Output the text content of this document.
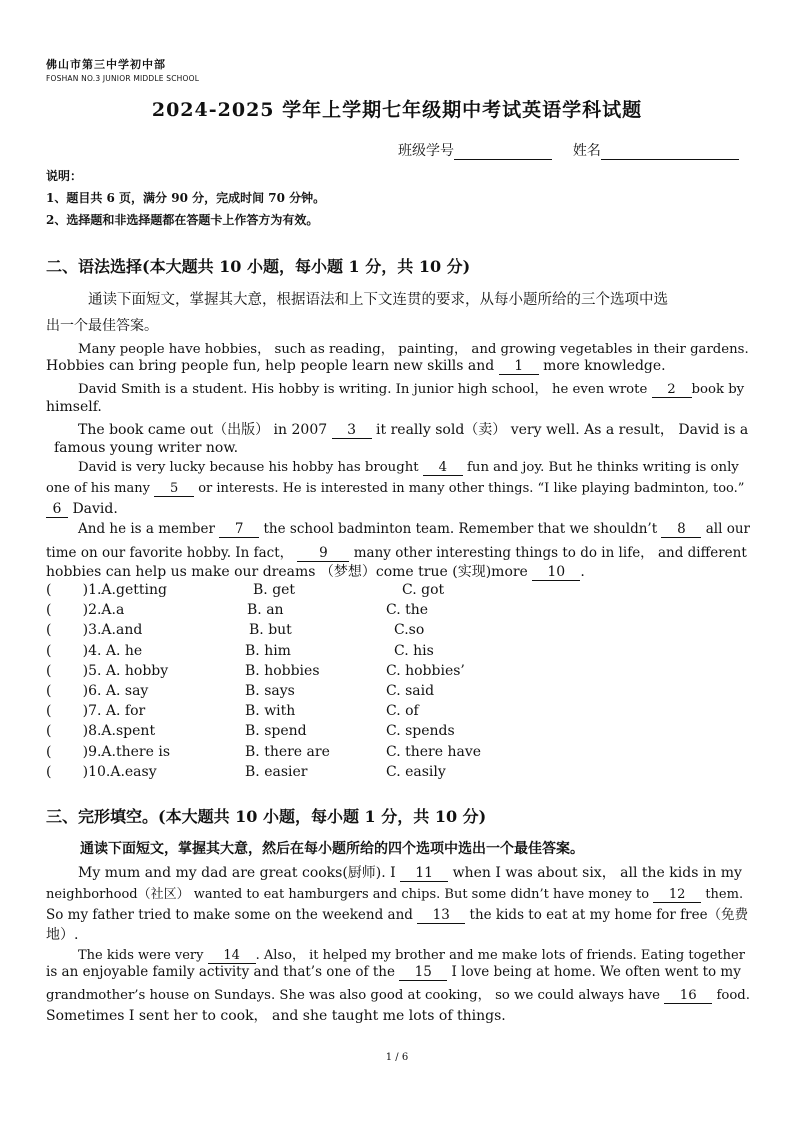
佛山市第三中学初中部
FOSHAN NO.3 JUNIOR MIDDLE SCHOOL
2024-2025 学年上学期七年级期中考试英语学科试题
班级学号	姓名
说明：
1、题目共 6 页，满分 90 分，完成时间 70 分钟。
2、选择题和非选择题都在答题卡上作答方为有效。
二、语法选择(本大题共 10 小题，每小题 1 分，共 10 分)
通读下面短文，掌握其大意，根据语法和上下文连贯的要求，从每小题所给的三个选项中选
出一个最佳答案。
Many people have hobbies， such as reading， painting， and growing vegetables in their gardens.
Hobbies can bring people fun, help people learn new skills and 1 more knowledge.
David Smith is a student. His hobby is writing. In junior high school， he even wrote 2 book by
himself.
The book came out（出版） in 2007 3 it really sold（卖） very well. As a result， David is a
famous young writer now.
David is very lucky because his hobby has brought 4 fun and joy. But he thinks writing is only
one of his many 5 or interests. He is interested in many other things. “I like playing badminton, too.”
6 David.
And he is a member 7 the school badminton team. Remember that we shouldn’t 8 all our
time on our favorite hobby. In fact， 9 many other interesting things to do in life， and different
hobbies can help us make our dreams （梦想）come true (实现)more 10 .
(       )1.A.getting	B. get	C. got
(       )2.A.a	B. an	C. the
(       )3.A.and	B. but	C.so
(       )4. A. he	B. him	C. his
(       )5. A. hobby	B. hobbies	C. hobbies’
(       )6. A. say	B. says	C. said
(       )7. A. for	B. with	C. of
(       )8.A.spent	B. spend	C. spends
(       )9.A.there is	B. there are	C. there have
(       )10.A.easy	B. easier	C. easily
三、完形填空。(本大题共 10 小题，每小题 1 分，共 10 分)
通读下面短文，掌握其大意，然后在每小题所给的四个选项中选出一个最佳答案。
My mum and my dad are great cooks(厨师). I 11 when I was about six， all the kids in my
neighborhood（社区） wanted to eat hamburgers and chips. But some didn’t have money to 12 them.
So my father tried to make some on the weekend and 13 the kids to eat at my home for free（免费
地）.
The kids were very 14 . Also， it helped my brother and me make lots of friends. Eating together
is an enjoyable family activity and that’s one of the 15 I love being at home. We often went to my
grandmother’s house on Sundays. She was also good at cooking， so we could always have 16 food.
Sometimes I sent her to cook， and she taught me lots of things.
1 / 6
